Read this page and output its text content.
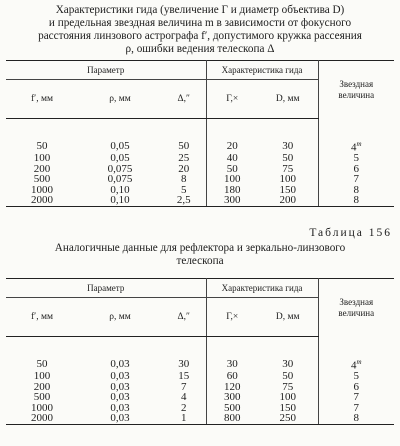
Характеристики гида (увеличение Γ и диаметр объектива D)
и предельная звездная величина m в зависимости от фокусного
расстояния линзового астрографа f′, допустимого кружка рассеяния
ρ, ошибки ведения телескопа Δ
Параметр			Характеристика гида		Звездная
величина

f′, мм	ρ, мм	Δ,″	Γ,×	D, мм	

50	0,05	50	20	30	4$^m$
100	0,05	25	40	50	5
200	0,075	20	50	75	6
500	0,075	8	100	100	7
1000	0,10	5	180	150	8
2000	0,10	2,5	300	200	8
Таблица 156
Аналогичные данные для рефлектора и зеркально-линзового
телескопа
Параметр			Характеристика гида		Звездная
величина

f′, мм	ρ, мм	Δ,″	Γ,×	D, мм	

50	0,03	30	30	30	4$^m$
100	0,03	15	60	50	5
200	0,03	7	120	75	6
500	0,03	4	300	100	7
1000	0,03	2	500	150	7
2000	0,03	1	800	250	8
